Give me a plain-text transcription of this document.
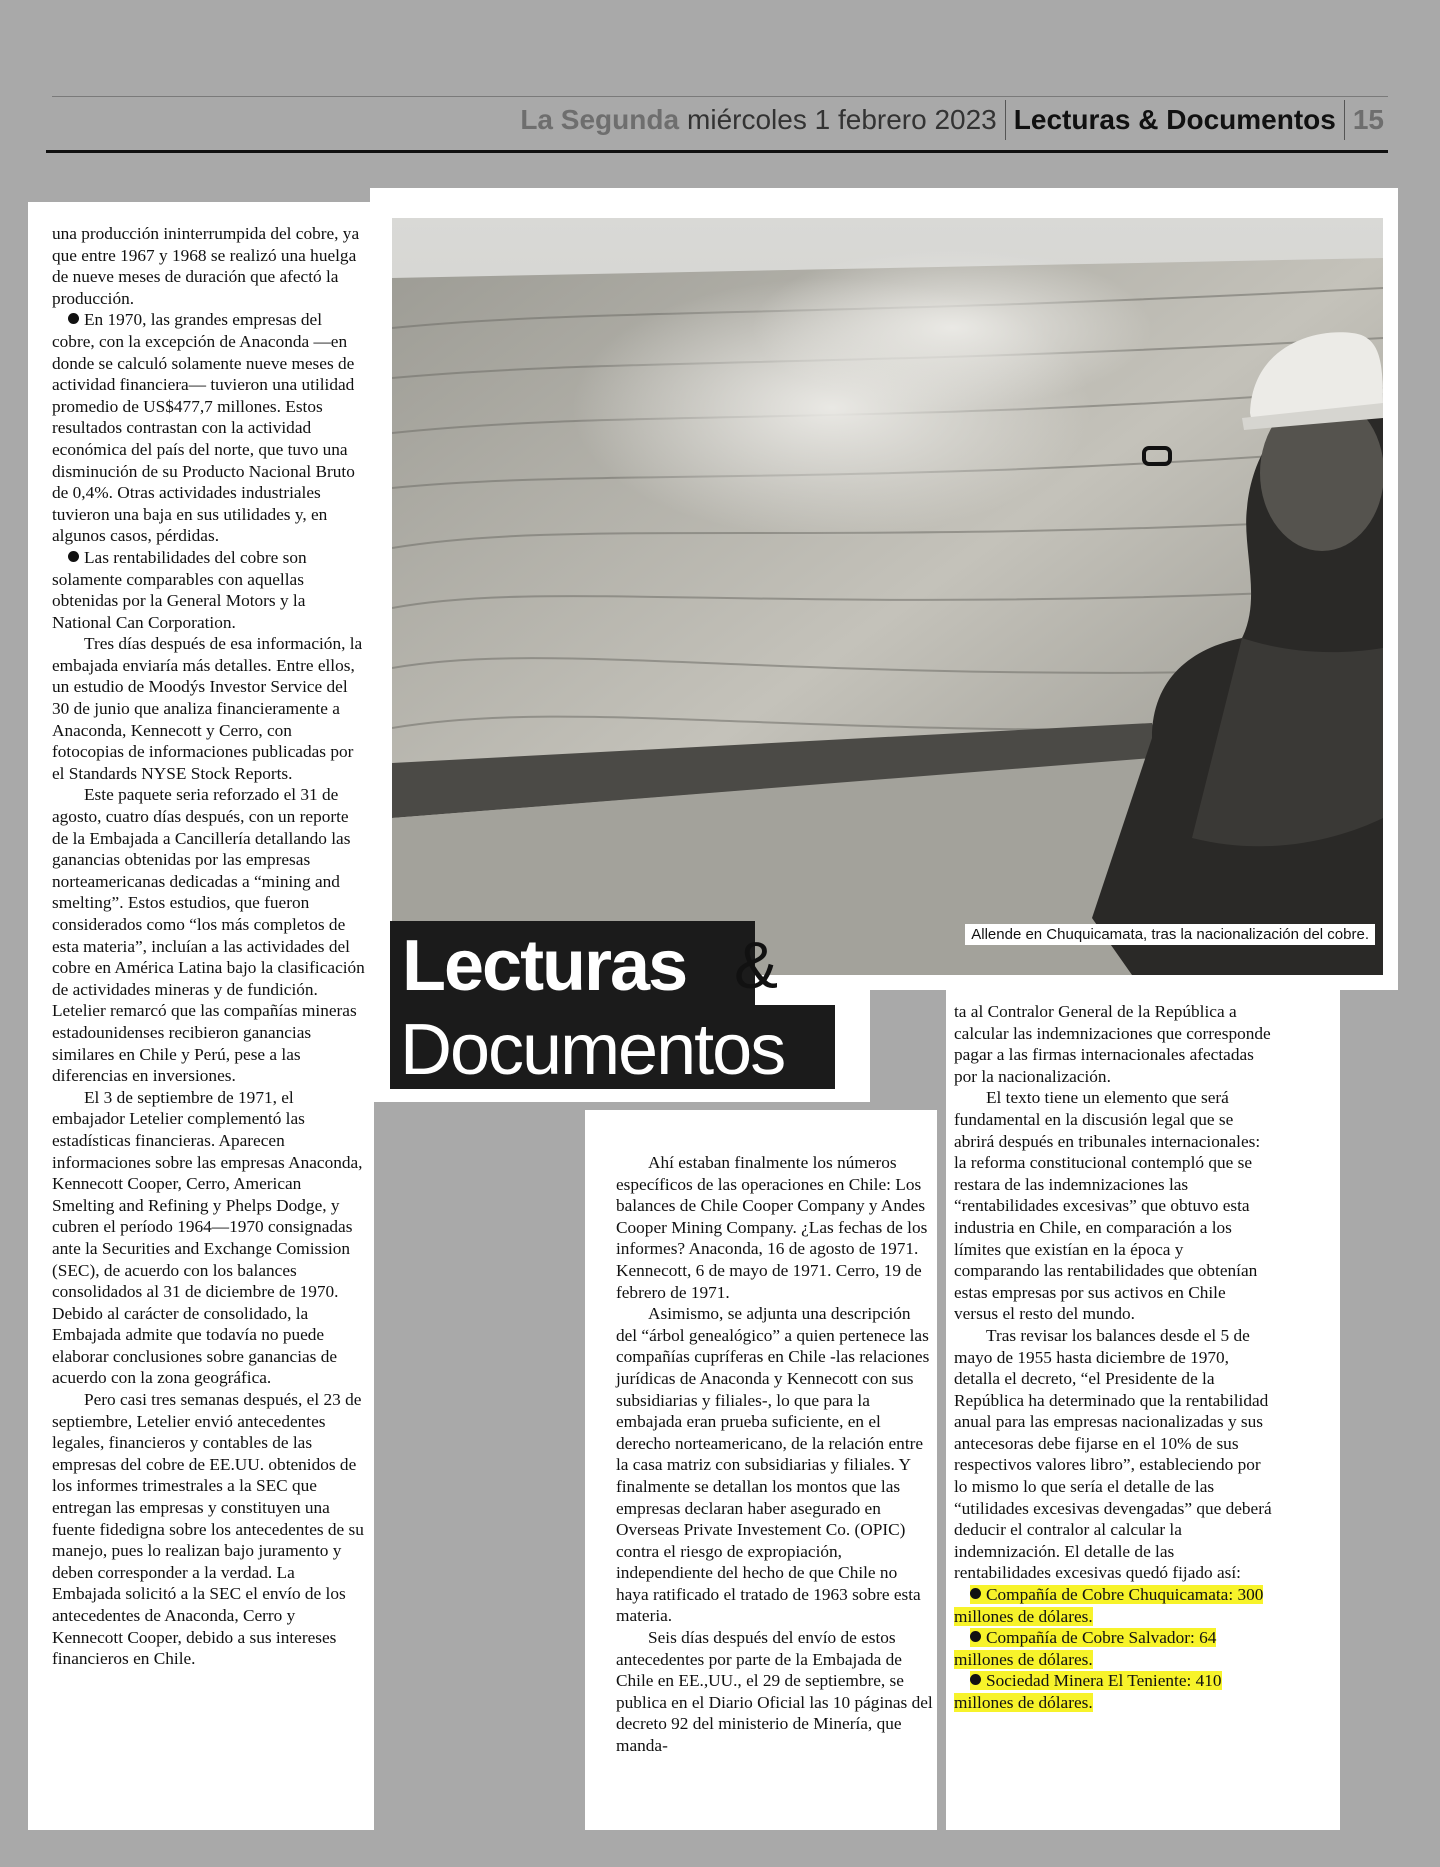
La Segunda miércoles 1 febrero 2023 Lecturas & Documentos 15
Allende en Chuquicamata, tras la nacionalización del cobre.
Lecturas &
Documentos

una producción ininterrumpida del cobre, ya que entre 1967 y 1968 se realizó una huelga de nueve meses de duración que afectó la producción.

En 1970, las grandes empresas del cobre, con la excepción de Anaconda —en donde se calculó solamente nueve meses de actividad financiera— tuvieron una utilidad promedio de US$477,7 millones. Estos resultados contrastan con la actividad económica del país del norte, que tuvo una disminución de su Producto Nacional Bruto de 0,4%. Otras actividades industriales tuvieron una baja en sus utilidades y, en algunos casos, pérdidas.

Las rentabilidades del cobre son solamente comparables con aquellas obtenidas por la General Motors y la National Can Corporation.

Tres días después de esa información, la embajada enviaría más detalles. Entre ellos, un estudio de Moodýs Investor Service del 30 de junio que analiza financieramente a Anaconda, Kennecott y Cerro, con fotocopias de informaciones publicadas por el Standards NYSE Stock Reports.

Este paquete seria reforzado el 31 de agosto, cuatro días después, con un reporte de la Embajada a Cancillería detallando las ganancias obtenidas por las empresas norteamericanas dedicadas a “mining and smelting”. Estos estudios, que fueron considerados como “los más completos de esta materia”, incluían a las actividades del cobre en América Latina bajo la clasificación de actividades mineras y de fundición. Letelier remarcó que las compañías mineras estadounidenses recibieron ganancias similares en Chile y Perú, pese a las diferencias en inversiones.

El 3 de septiembre de 1971, el embajador Letelier complementó las estadísticas financieras. Aparecen informaciones sobre las empresas Anaconda, Kennecott Cooper, Cerro, American Smelting and Refining y Phelps Dodge, y cubren el período 1964—1970 consignadas ante la Securities and Exchange Comission (SEC), de acuerdo con los balances consolidados al 31 de diciembre de 1970. Debido al carácter de consolidado, la Embajada admite que todavía no puede elaborar conclusiones sobre ganancias de acuerdo con la zona geográfica.

Pero casi tres semanas después, el 23 de septiembre, Letelier envió antecedentes legales, financieros y contables de las empresas del cobre de EE.UU. obtenidos de los informes trimestrales a la SEC que entregan las empresas y constituyen una fuente fidedigna sobre los antecedentes de su manejo, pues lo realizan bajo juramento y deben corresponder a la verdad. La Embajada solicitó a la SEC el envío de los antecedentes de Anaconda, Cerro y Kennecott Cooper, debido a sus intereses financieros en Chile.

Ahí estaban finalmente los números específicos de las operaciones en Chile: Los balances de Chile Cooper Company y Andes Cooper Mining Company. ¿Las fechas de los informes? Anaconda, 16 de agosto de 1971. Kennecott, 6 de mayo de 1971. Cerro, 19 de febrero de 1971.

Asimismo, se adjunta una descripción del “árbol genealógico” a quien pertenece las compañías cupríferas en Chile -las relaciones jurídicas de Anaconda y Kennecott con sus subsidiarias y filiales-, lo que para la embajada eran prueba suficiente, en el derecho norteamericano, de la relación entre la casa matriz con subsidiarias y filiales. Y finalmente se detallan los montos que las empresas declaran haber asegurado en Overseas Private Investement Co. (OPIC) contra el riesgo de expropiación, independiente del hecho de que Chile no haya ratificado el tratado de 1963 sobre esta materia.

Seis días después del envío de estos antecedentes por parte de la Embajada de Chile en EE.,UU., el 29 de septiembre, se publica en el Diario Oficial las 10 páginas del decreto 92 del ministerio de Minería, que manda-

ta al Contralor General de la República a calcular las indemnizaciones que corresponde pagar a las firmas internacionales afectadas por la nacionalización.

El texto tiene un elemento que será fundamental en la discusión legal que se abrirá después en tribunales internacionales: la reforma constitucional contempló que se restara de las indemnizaciones las “rentabilidades excesivas” que obtuvo esta industria en Chile, en comparación a los límites que existían en la época y comparando las rentabilidades que obtenían estas empresas por sus activos en Chile versus el resto del mundo.

Tras revisar los balances desde el 5 de mayo de 1955 hasta diciembre de 1970, detalla el decreto, “el Presidente de la República ha determinado que la rentabilidad anual para las empresas nacionalizadas y sus antecesoras debe fijarse en el 10% de sus respectivos valores libro”, estableciendo por lo mismo lo que sería el detalle de las “utilidades excesivas devengadas” que deberá deducir el contralor al calcular la indemnización. El detalle de las rentabilidades excesivas quedó fijado así:

Compañía de Cobre Chuquicamata: 300 millones de dólares.

Compañía de Cobre Salvador: 64 millones de dólares.

Sociedad Minera El Teniente: 410 millones de dólares.
